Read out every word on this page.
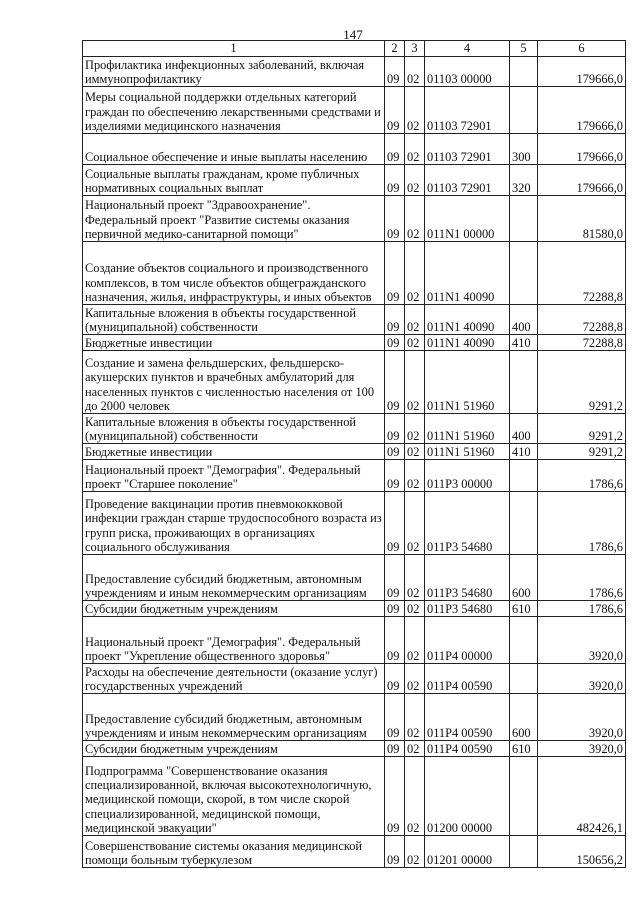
147
1	2	3	4	5	6
Профилактика инфекционных заболеваний, включая иммунопрофилактику	09	02	01103 00000		179666,0
Меры социальной поддержки отдельных категорий граждан по обеспечению лекарственными средствами и изделиями медицинского назначения	09	02	01103 72901		179666,0
Социальное обеспечение и иные выплаты населению	09	02	01103 72901	300	179666,0
Социальные выплаты гражданам, кроме публичных нормативных социальных выплат	09	02	01103 72901	320	179666,0
Национальный проект "Здравоохранение". Федеральный проект "Развитие системы оказания первичной медико-санитарной помощи"	09	02	011N1 00000		81580,0
Создание объектов социального и производственного комплексов, в том числе объектов общегражданского назначения, жилья, инфраструктуры, и иных объектов	09	02	011N1 40090		72288,8
Капитальные вложения в объекты государственной (муниципальной) собственности	09	02	011N1 40090	400	72288,8
Бюджетные инвестиции	09	02	011N1 40090	410	72288,8
Создание и замена фельдшерских, фельдшерско-акушерских пунктов и врачебных амбулаторий для населенных пунктов с численностью населения от 100 до 2000 человек	09	02	011N1 51960		9291,2
Капитальные вложения в объекты государственной (муниципальной) собственности	09	02	011N1 51960	400	9291,2
Бюджетные инвестиции	09	02	011N1 51960	410	9291,2
Национальный проект "Демография". Федеральный проект "Старшее поколение"	09	02	011P3 00000		1786,6
Проведение вакцинации против пневмококковой инфекции граждан старше трудоспособного возраста из групп риска, проживающих в организациях социального обслуживания	09	02	011P3 54680		1786,6
Предоставление субсидий бюджетным, автономным учреждениям и иным некоммерческим организациям	09	02	011P3 54680	600	1786,6
Субсидии бюджетным учреждениям	09	02	011P3 54680	610	1786,6
Национальный проект "Демография". Федеральный проект "Укрепление общественного здоровья"	09	02	011P4 00000		3920,0
Расходы на обеспечение деятельности (оказание услуг) государственных учреждений	09	02	011P4 00590		3920,0
Предоставление субсидий бюджетным, автономным учреждениям и иным некоммерческим организациям	09	02	011P4 00590	600	3920,0
Субсидии бюджетным учреждениям	09	02	011P4 00590	610	3920,0
Подпрограмма "Совершенствование оказания специализированной, включая высокотехнологичную, медицинской помощи, скорой, в том числе скорой специализированной, медицинской помощи, медицинской эвакуации"	09	02	01200 00000		482426,1
Совершенствование системы оказания медицинской помощи больным туберкулезом	09	02	01201 00000		150656,2
